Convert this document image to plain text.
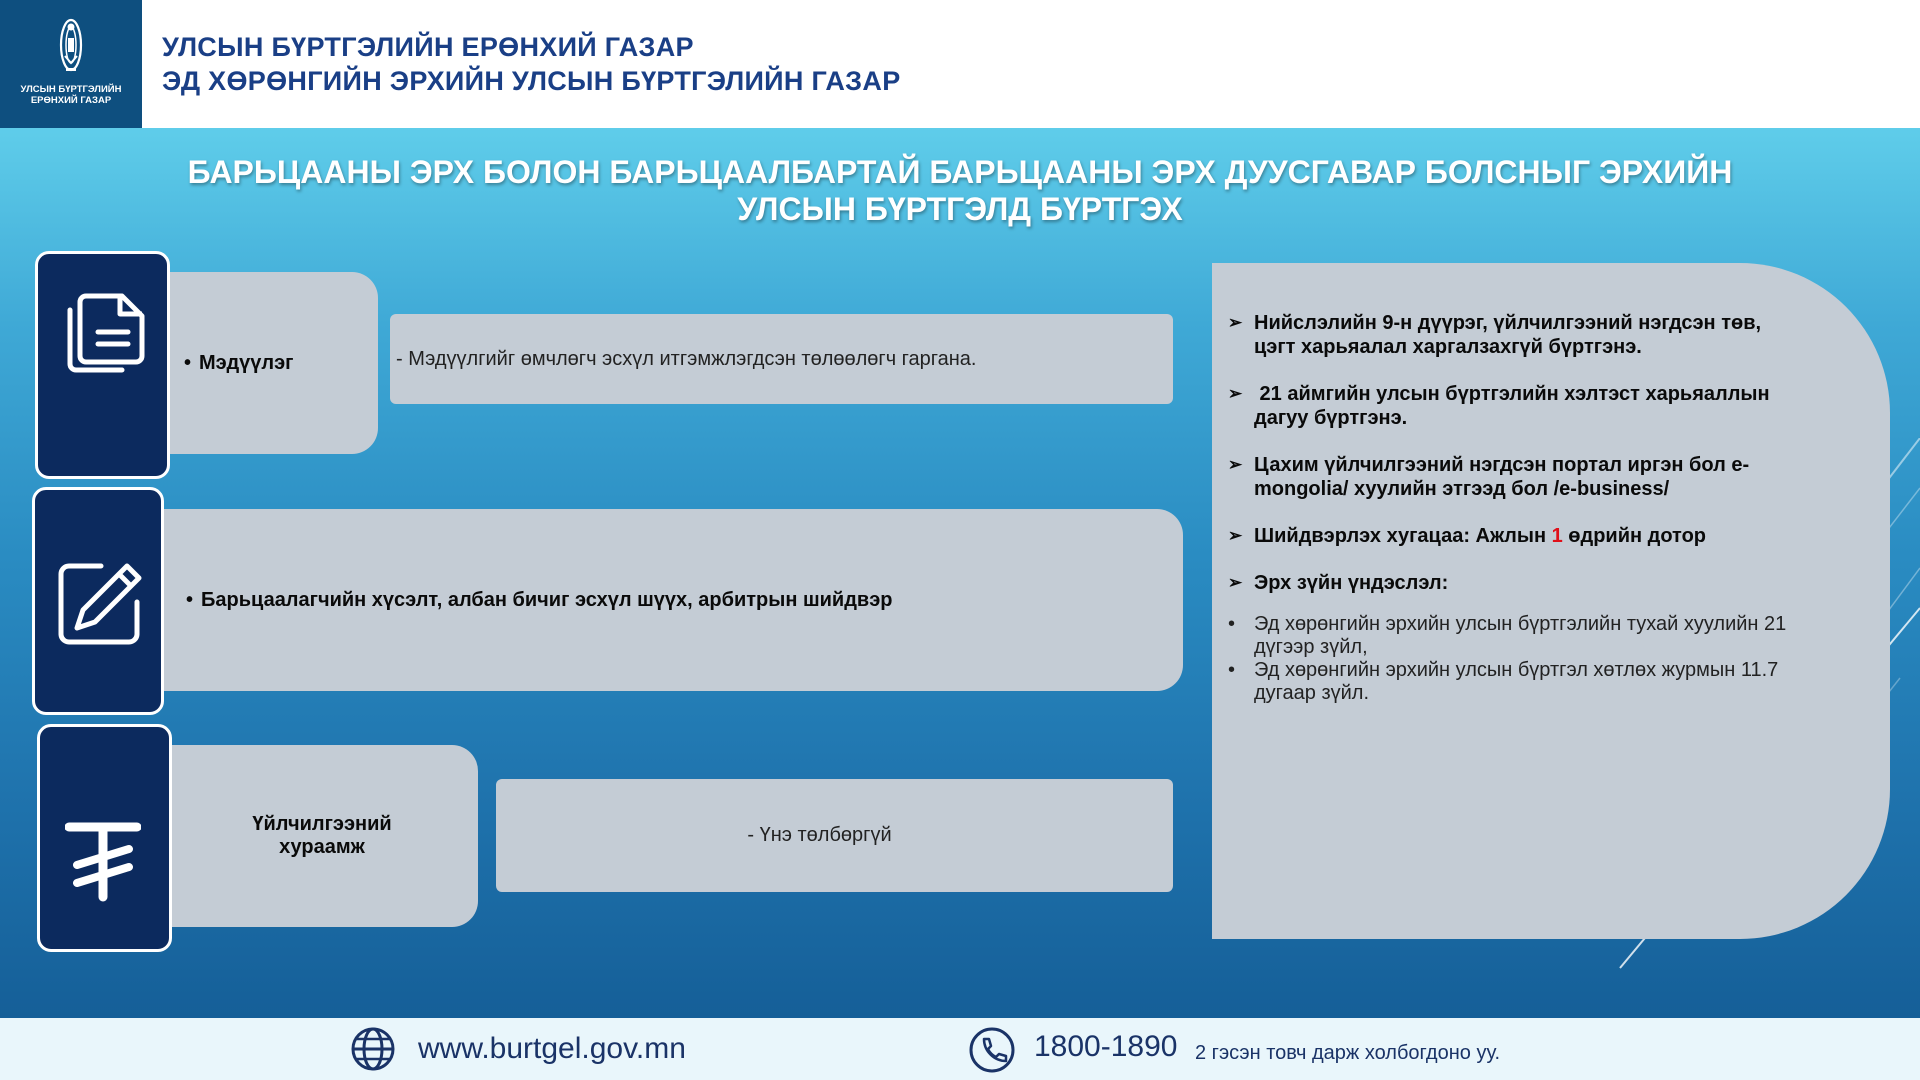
УЛСЫН БҮРТГЭЛИЙН
ЕРӨНХИЙ ГАЗАР
УЛСЫН БҮРТГЭЛИЙН ЕРӨНХИЙ ГАЗАР
ЭД ХӨРӨНГИЙН ЭРХИЙН УЛСЫН БҮРТГЭЛИЙН ГАЗАР
БАРЬЦААНЫ ЭРХ БОЛОН БАРЬЦААЛБАРТАЙ БАРЬЦААНЫ ЭРХ ДУУСГАВАР БОЛСНЫГ ЭРХИЙН
УЛСЫН БҮРТГЭЛД БҮРТГЭХ
• Мэдүүлэг	- Мэдүүлгийг өмчлөгч эсхүл итгэмжлэгдсэн төлөөлөгч гаргана.
• Барьцаалагчийн хүсэлт, албан бичиг эсхүл шүүх, арбитрын шийдвэр
Үйлчилгээний
хураамж
- Үнэ төлбөргүй
➢ Нийслэлийн 9-н дүүрэг, үйлчилгээний нэгдсэн төв,
цэгт харьяалал харгалзахгүй бүртгэнэ.
➢ 21 аймгийн улсын бүртгэлийн хэлтэст харьяаллын
дагуу бүртгэнэ.
➢ Цахим үйлчилгээний нэгдсэн портал иргэн бол e-
mongolia/ хуулийн этгээд бол /e-business/
➢ Шийдвэрлэх хугацаа: Ажлын 1 өдрийн дотор
➢ Эрх зүйн үндэслэл:
• Эд хөрөнгийн эрхийн улсын бүртгэлийн тухай хуулийн 21
дүгээр зүйл,
• Эд хөрөнгийн эрхийн улсын бүртгэл хөтлөх журмын 11.7
дугаар зүйл.
www.burtgel.gov.mn	1800-1890 2 гэсэн товч дарж холбогдоно уу.
